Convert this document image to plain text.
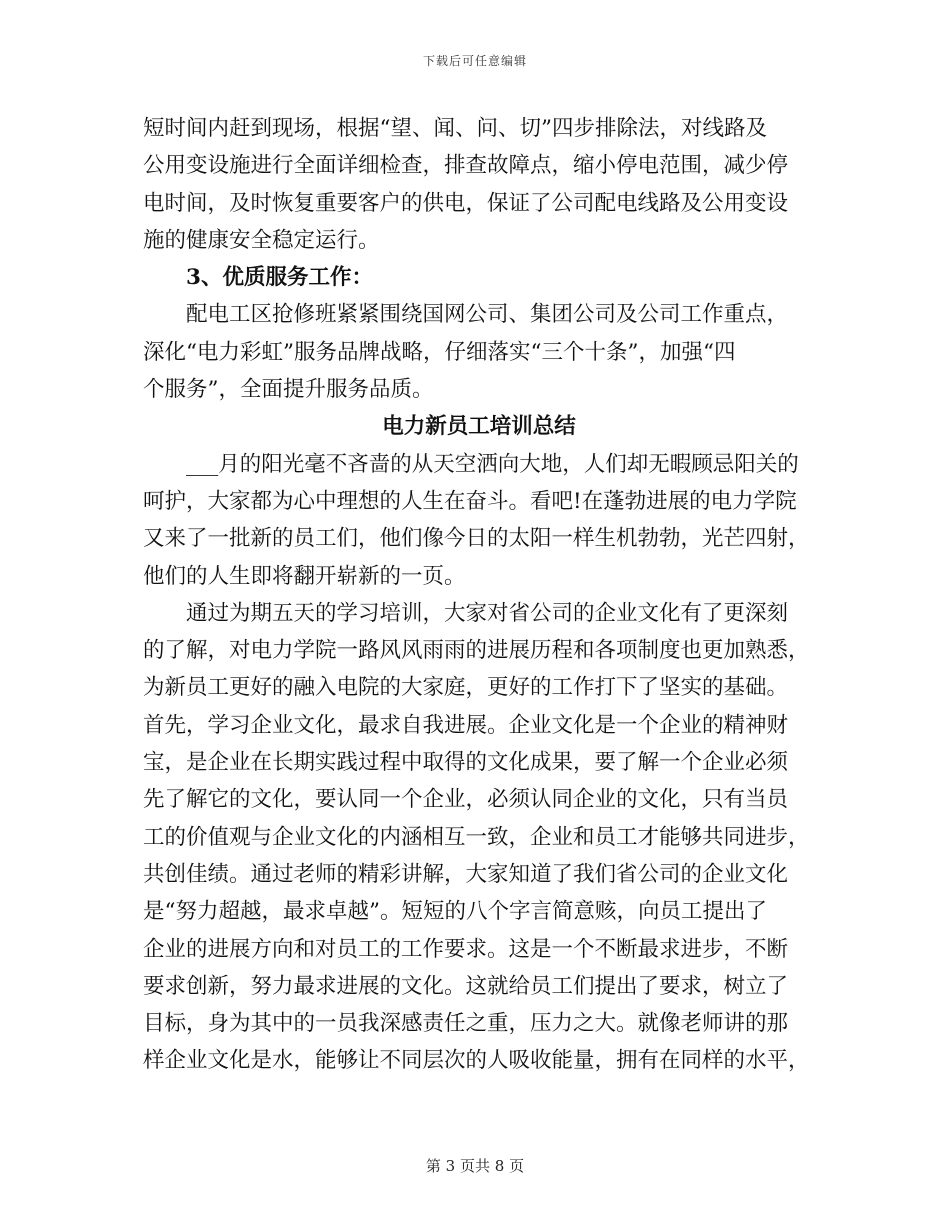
下载后可任意编辑
短时间内赶到现场，根据“望、闻、问、切”四步排除法，对线路及
公用变设施进行全面详细检查，排查故障点，缩小停电范围，减少停
电时间，及时恢复重要客户的供电，保证了公司配电线路及公用变设
施的健康安全稳定运行。
3、优质服务工作：
配电工区抢修班紧紧围绕国网公司、集团公司及公司工作重点，
深化“电力彩虹”服务品牌战略，仔细落实“三个十条”，加强“四
个服务”，全面提升服务品质。
电力新员工培训总结
___月的阳光毫不吝啬的从天空洒向大地，人们却无暇顾忌阳关的
呵护，大家都为心中理想的人生在奋斗。看吧!在蓬勃进展的电力学院
又来了一批新的员工们，他们像今日的太阳一样生机勃勃，光芒四射，
他们的人生即将翻开崭新的一页。
通过为期五天的学习培训，大家对省公司的企业文化有了更深刻
的了解，对电力学院一路风风雨雨的进展历程和各项制度也更加熟悉，
为新员工更好的融入电院的大家庭，更好的工作打下了坚实的基础。
首先，学习企业文化，最求自我进展。企业文化是一个企业的精神财
宝，是企业在长期实践过程中取得的文化成果，要了解一个企业必须
先了解它的文化，要认同一个企业，必须认同企业的文化，只有当员
工的价值观与企业文化的内涵相互一致，企业和员工才能够共同进步，
共创佳绩。通过老师的精彩讲解，大家知道了我们省公司的企业文化
是“努力超越，最求卓越”。短短的八个字言简意赅，向员工提出了
企业的进展方向和对员工的工作要求。这是一个不断最求进步，不断
要求创新，努力最求进展的文化。这就给员工们提出了要求，树立了
目标，身为其中的一员我深感责任之重，压力之大。就像老师讲的那
样企业文化是水，能够让不同层次的人吸收能量，拥有在同样的水平，
第 3 页共 8 页
